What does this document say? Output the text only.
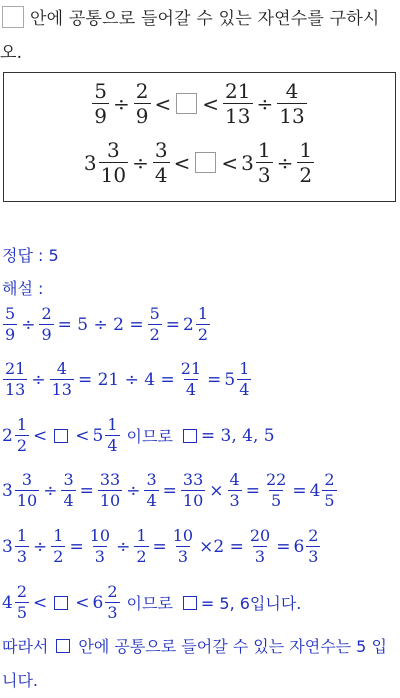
안에 공통으로 들어갈 수 있는 자연수를 구하시오.
$\frac{5}{9} \div \frac{2}{9}$ < < $\frac{21}{13} \div \frac{4}{13}$
$3 \frac{3}{10} \div \frac{3}{4}$ < < $3 \frac{1}{3} \div \frac{1}{2}$
정답 : 5
해설 :
$\frac{5}{9} \div \frac{2}{9} = 5 \div 2 = \frac{5}{2} = 2 \frac{1}{2}$
$\frac{21}{13} \div \frac{4}{13} = 21 \div 4 = \frac{21}{4} = 5 \frac{1}{4}$
$2 \frac{1}{2}$ < < $5 \frac{1}{4}$ 이므로 = 3, 4, 5
$3 \frac{3}{10} \div \frac{3}{4} = \frac{33}{10} \div \frac{3}{4} = \frac{33}{10} \times \frac{4}{3} = \frac{22}{5} = 4 \frac{2}{5}$
$3 \frac{1}{3} \div \frac{1}{2} = \frac{10}{3} \div \frac{1}{2} = \frac{10}{3} \times 2 = \frac{20}{3} = 6 \frac{2}{3}$
$4 \frac{2}{5}$ < < $6 \frac{2}{3}$ 이므로 = 5, 6입니다.
따라서 안에 공통으로 들어갈 수 있는 자연수는 5 입니다.
